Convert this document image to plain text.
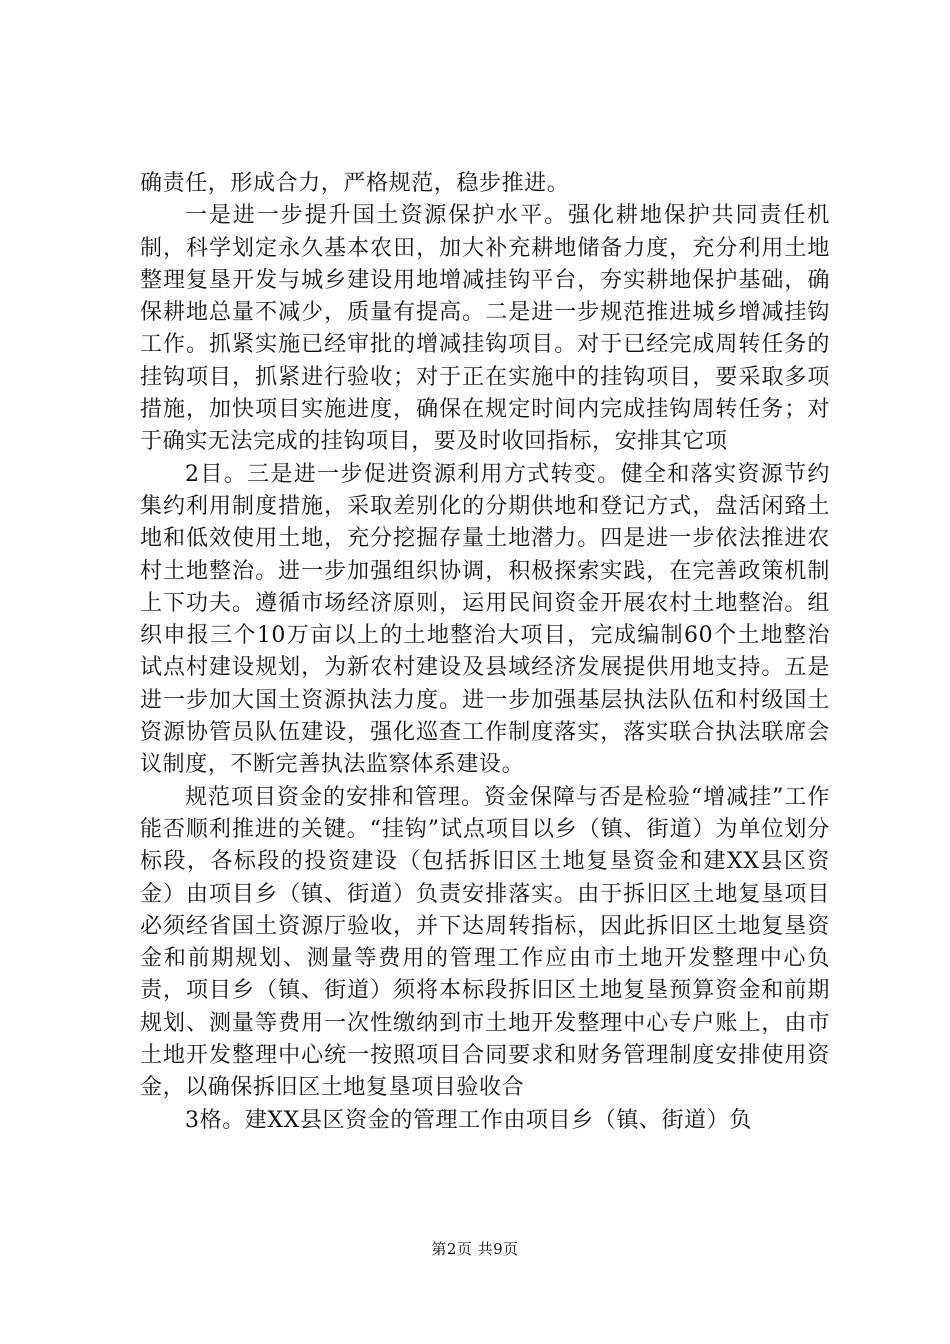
确责任，形成合力，严格规范，稳步推进。

一是进一步提升国土资源保护水平。强化耕地保护共同责任机制，科学划定永久基本农田，加大补充耕地储备力度，充分利用土地整理复垦开发与城乡建设用地增减挂钩平台，夯实耕地保护基础，确保耕地总量不减少，质量有提高。二是进一步规范推进城乡增减挂钩工作。抓紧实施已经审批的增减挂钩项目。对于已经完成周转任务的挂钩项目，抓紧进行验收；对于正在实施中的挂钩项目，要采取多项措施，加快项目实施进度，确保在规定时间内完成挂钩周转任务；对于确实无法完成的挂钩项目，要及时收回指标，安排其它项

2目。三是进一步促进资源利用方式转变。健全和落实资源节约集约利用制度措施，采取差别化的分期供地和登记方式，盘活闲臵土地和低效使用土地，充分挖掘存量土地潜力。四是进一步依法推进农村土地整治。进一步加强组织协调，积极探索实践，在完善政策机制上下功夫。遵循市场经济原则，运用民间资金开展农村土地整治。组织申报三个10万亩以上的土地整治大项目，完成编制60个土地整治试点村建设规划，为新农村建设及县域经济发展提供用地支持。五是进一步加大国土资源执法力度。进一步加强基层执法队伍和村级国土资源协管员队伍建设，强化巡查工作制度落实，落实联合执法联席会议制度，不断完善执法监察体系建设。

规范项目资金的安排和管理。资金保障与否是检验“增减挂”工作能否顺利推进的关键。“挂钩”试点项目以乡（镇、街道）为单位划分标段，各标段的投资建设（包括拆旧区土地复垦资金和建XX县区资金）由项目乡（镇、街道）负责安排落实。由于拆旧区土地复垦项目必须经省国土资源厅验收，并下达周转指标，因此拆旧区土地复垦资金和前期规划、测量等费用的管理工作应由市土地开发整理中心负责，项目乡（镇、街道）须将本标段拆旧区土地复垦预算资金和前期规划、测量等费用一次性缴纳到市土地开发整理中心专户账上，由市土地开发整理中心统一按照项目合同要求和财务管理制度安排使用资金，以确保拆旧区土地复垦项目验收合

3格。建XX县区资金的管理工作由项目乡（镇、街道）负

第2页 共9页
